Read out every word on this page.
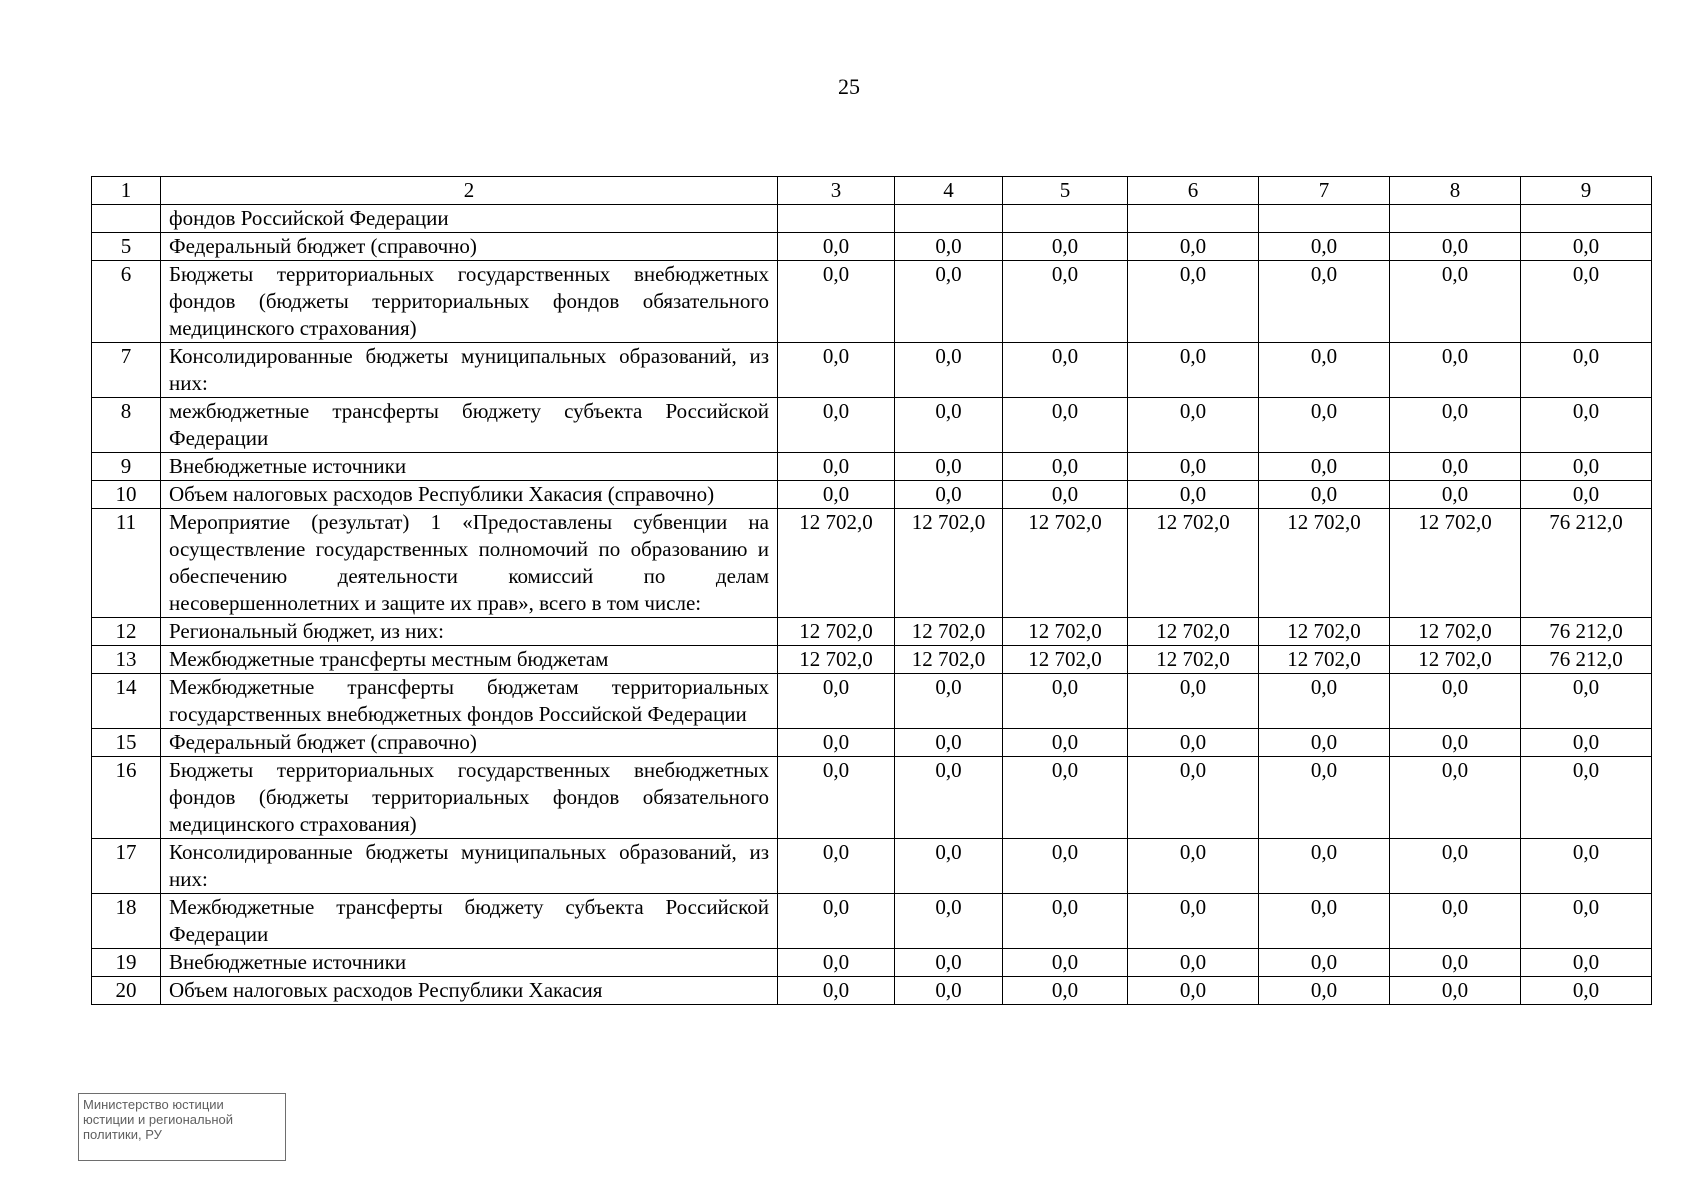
25
1	2	3	4	5	6	7	8	9
	фондов Российской Федерации							
5	Федеральный бюджет (справочно)	0,0	0,0	0,0	0,0	0,0	0,0	0,0
6	Бюджеты территориальных государственных внебюджетных фондов (бюджеты территориальных фондов обязательного медицинского страхования)	0,0	0,0	0,0	0,0	0,0	0,0	0,0
7	Консолидированные бюджеты муниципальных образований, из них:	0,0	0,0	0,0	0,0	0,0	0,0	0,0
8	межбюджетные трансферты бюджету субъекта Российской Федерации	0,0	0,0	0,0	0,0	0,0	0,0	0,0
9	Внебюджетные источники	0,0	0,0	0,0	0,0	0,0	0,0	0,0
10	Объем налоговых расходов Республики Хакасия (справочно)	0,0	0,0	0,0	0,0	0,0	0,0	0,0
11	Мероприятие (результат) 1 «Предоставлены субвенции на осуществление государственных полномочий по образованию и обеспечению деятельности комиссий по делам несовершеннолетних и защите их прав», всего в том числе:	12 702,0	12 702,0	12 702,0	12 702,0	12 702,0	12 702,0	76 212,0
12	Региональный бюджет, из них:	12 702,0	12 702,0	12 702,0	12 702,0	12 702,0	12 702,0	76 212,0
13	Межбюджетные трансферты местным бюджетам	12 702,0	12 702,0	12 702,0	12 702,0	12 702,0	12 702,0	76 212,0
14	Межбюджетные трансферты бюджетам территориальных государственных внебюджетных фондов Российской Федерации	0,0	0,0	0,0	0,0	0,0	0,0	0,0
15	Федеральный бюджет (справочно)	0,0	0,0	0,0	0,0	0,0	0,0	0,0
16	Бюджеты территориальных государственных внебюджетных фондов (бюджеты территориальных фондов обязательного медицинского страхования)	0,0	0,0	0,0	0,0	0,0	0,0	0,0
17	Консолидированные бюджеты муниципальных образований, из них:	0,0	0,0	0,0	0,0	0,0	0,0	0,0
18	Межбюджетные трансферты бюджету субъекта Российской Федерации	0,0	0,0	0,0	0,0	0,0	0,0	0,0
19	Внебюджетные источники	0,0	0,0	0,0	0,0	0,0	0,0	0,0
20	Объем налоговых расходов Республики Хакасия	0,0	0,0	0,0	0,0	0,0	0,0	0,0
Министерство юстиции
юстиции и региональной
политики, РУ
